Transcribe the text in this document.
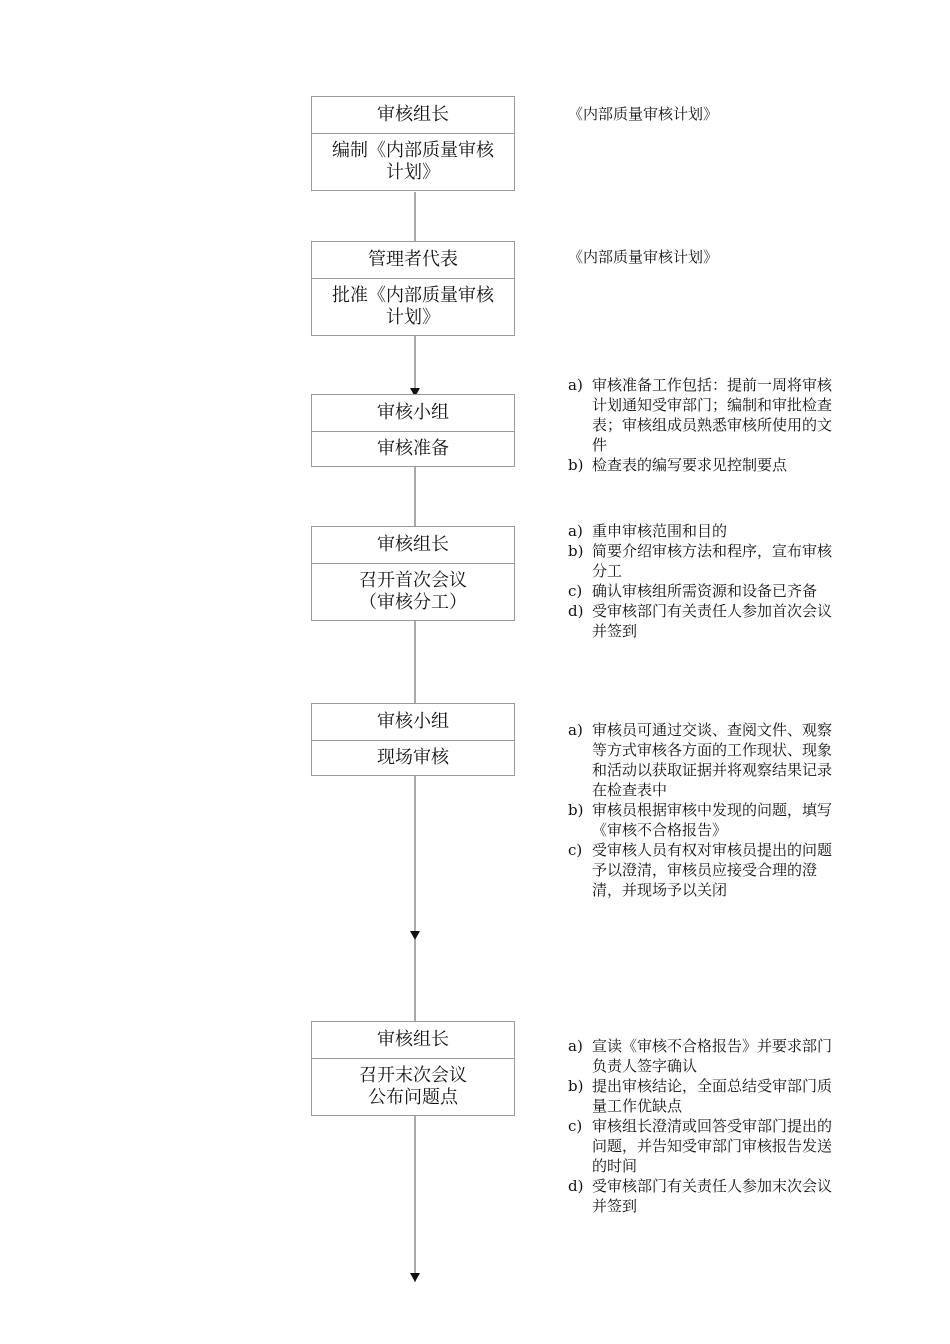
审核组长
编制《内部质量审核
计划》
《内部质量审核计划》
管理者代表
批准《内部质量审核
计划》
《内部质量审核计划》
审核小组
审核准备
a) 审核准备工作包括：提前一周将审核计划通知受审部门；编制和审批检查表；审核组成员熟悉审核所使用的文件
b) 检查表的编写要求见控制要点
审核组长
召开首次会议
（审核分工）
a) 重申审核范围和目的
b) 简要介绍审核方法和程序，宣布审核分工
c) 确认审核组所需资源和设备已齐备
d) 受审核部门有关责任人参加首次会议并签到
审核小组
现场审核
a) 审核员可通过交谈、查阅文件、观察等方式审核各方面的工作现状、现象和活动以获取证据并将观察结果记录在检查表中
b) 审核员根据审核中发现的问题，填写《审核不合格报告》
c) 受审核人员有权对审核员提出的问题予以澄清，审核员应接受合理的澄清，并现场予以关闭
审核组长
召开末次会议
公布问题点
a) 宣读《审核不合格报告》并要求部门负责人签字确认
b) 提出审核结论，全面总结受审部门质量工作优缺点
c) 审核组长澄清或回答受审部门提出的问题，并告知受审部门审核报告发送的时间
d) 受审核部门有关责任人参加末次会议并签到
